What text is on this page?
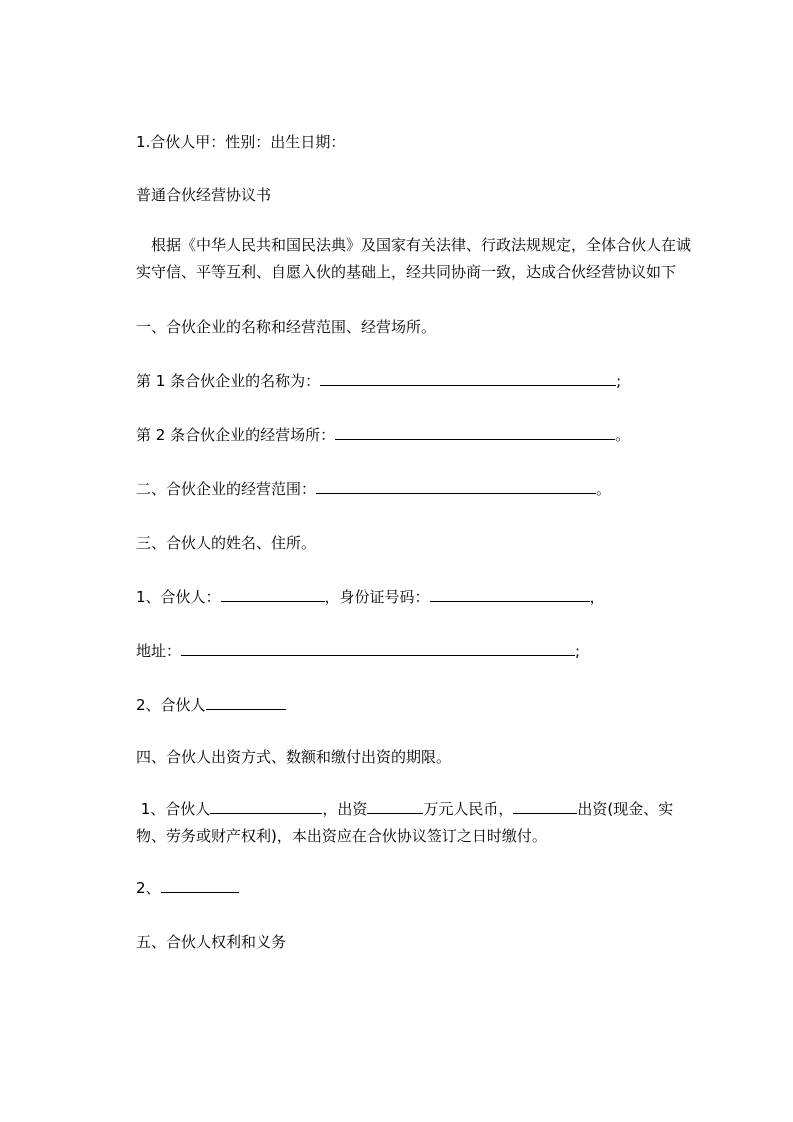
1.合伙人甲：性别：出生日期：

普通合伙经营协议书

　根据《中华人民共和国民法典》及国家有关法律、行政法规规定，全体合伙人在诚实守信、平等互利、自愿入伙的基础上，经共同协商一致，达成合伙经营协议如下

一、合伙企业的名称和经营范围、经营场所。

第 1 条合伙企业的名称为：	;

第 2 条合伙企业的经营场所：	。

二、合伙企业的经营范围：	。

三、合伙人的姓名、住所。

1、合伙人：	，身份证号码：	，

地址：	;

2、合伙人

四、合伙人出资方式、数额和缴付出资的期限。

1、合伙人	，出资	万元人民币，	出资(现金、实

物、劳务或财产权利)，本出资应在合伙协议签订之日时缴付。

2、

五、合伙人权利和义务
